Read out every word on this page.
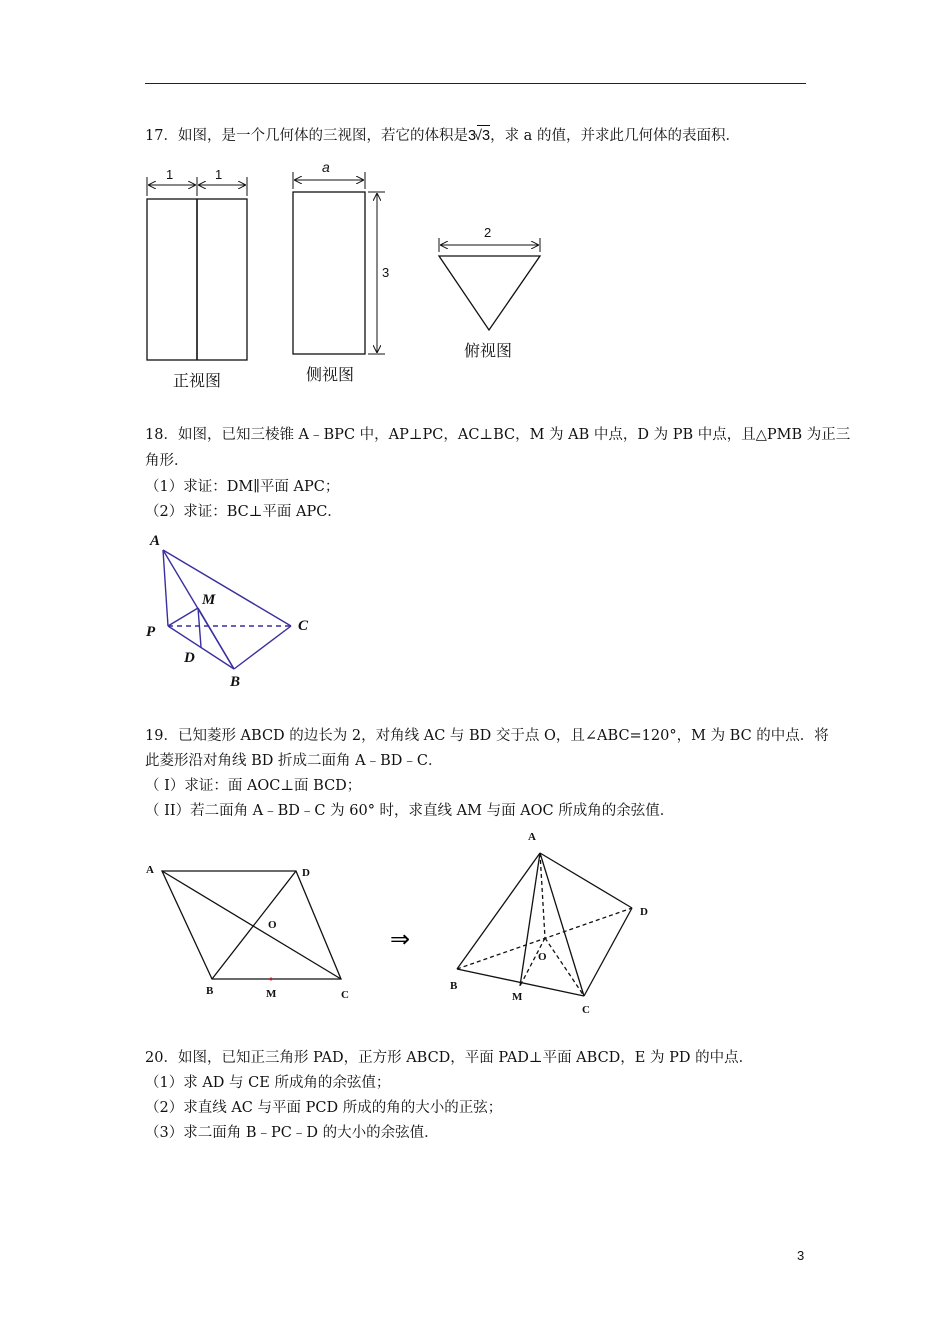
17．如图，是一个几何体的三视图，若它的体积是3√3，求 a 的值，并求此几何体的表面积．
1	1
正视图
a
3
侧视图
2
俯视图
18．如图，已知三棱锥 A﹣BPC 中，AP⊥PC，AC⊥BC，M 为 AB 中点，D 为 PB 中点，且△PMB 为正三
角形．
（1）求证：DM∥平面 APC；
（2）求证：BC⊥平面 APC．
A
M
P	C
D
B
19．已知菱形 ABCD 的边长为 2，对角线 AC 与 BD 交于点 O，且∠ABC=120°，M 为 BC 的中点．将
此菱形沿对角线 BD 折成二面角 A﹣BD﹣C．
（ I）求证：面 AOC⊥面 BCD；
（ II）若二面角 A﹣BD﹣C 为 60° 时，求直线 AM 与面 AOC 所成角的余弦值．
A	D
O
B	M	C
⇒
A
D
O
B
M
C
20．如图，已知正三角形 PAD，正方形 ABCD，平面 PAD⊥平面 ABCD，E 为 PD 的中点．
（1）求 AD 与 CE 所成角的余弦值；
（2）求直线 AC 与平面 PCD 所成的角的大小的正弦；
（3）求二面角 B﹣PC﹣D 的大小的余弦值．
3
